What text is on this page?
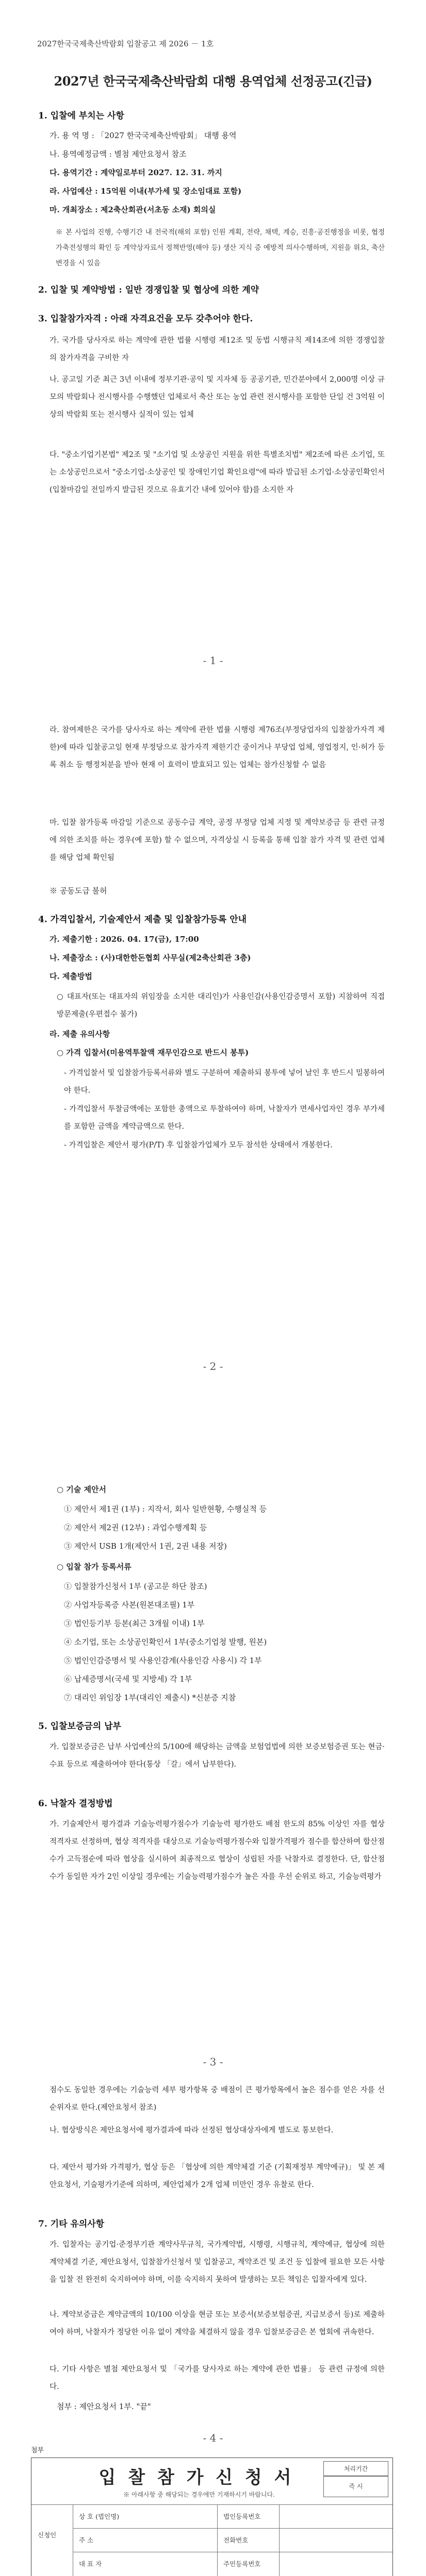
2027한국국제축산박람회 입찰공고 제 2026 － 1호
2027년 한국국제축산박람회 대행 용역업체 선정공고(긴급)
1. 입찰에 부치는 사항
가. 용 역 명 : 「2027 한국국제축산박람회」 대행 용역
나. 용역예정금액 : 별첨 제안요청서 참조
다. 용역기간 : 계약일로부터 2027. 12. 31. 까지
라. 사업예산 : 15억원 이내(부가세 및 장소임대료 포함)
마. 개최장소 : 제2축산회관(서초동 소재) 회의실
※ 본 사업의 진행, 수행기간 내 전국적(해외 포함) 인원 계획, 전략, 채택, 계승, 진흥·공진행정을 비롯, 협정가축전성행의 확인 등 계약상자료서 정책반영(해야 등) 생산 지식 증 예방적 의사수행하며, 지원을 위요, 축산 변경을 시 있음
2. 입찰 및 계약방법 : 일반 경쟁입찰 및 협상에 의한 계약
3. 입찰참가자격 : 아래 자격요건을 모두 갖추어야 한다.

가. 국가를 당사자로 하는 계약에 관한 법률 시행령 제12조 및 동법 시행규칙 제14조에 의한 경쟁입찰의 참가자격을 구비한 자

나. 공고일 기준 최근 3년 이내에 정부기관·공익 및 지자체 등 공공기관, 민간분야에서 2,000명 이상 규모의 박람회나 전시행사를 수행했던 업체로서 축산 또는 농업 관련 전시행사를 포함한 단일 건 3억원 이상의 박람회 또는 전시행사 실적이 있는 업체

다. "중소기업기본법" 제2조 및 "소기업 및 소상공인 지원을 위한 특별조치법" 제2조에 따른 소기업, 또는 소상공인으로서 "중소기업·소상공인 및 장애인기업 확인요령"에 따라 발급된 소기업·소상공인확인서(입찰마감일 전일까지 발급된 것으로 유효기간 내에 있어야 함)를 소지한 자

- 1 -

라. 참여제한은 국가를 당사자로 하는 계약에 관한 법률 시행령 제76조(부정당업자의 입찰참가자격 제한)에 따라 입찰공고일 현재 부정당으로 참가자격 제한기간 중이거나 부당업 업체, 영업정지, 인·허가 등록 취소 등 행정처분을 받아 현재 이 효력이 발효되고 있는 업체는 참가신청할 수 없음

마. 입찰 참가등록 마감일 기준으로 공동수급 계약, 공정 부정당 업체 지정 및 계약보증금 등 관련 규정에 의한 조치를 하는 경우(예 포함) 할 수 없으며, 자격상실 시 등록을 통해 입찰 참가 자격 및 관련 업체를 해당 업체 확인됨

※ 공동도급 불허
4. 가격입찰서, 기술제안서 제출 및 입찰참가등록 안내
가. 제출기한 : 2026. 04. 17(금), 17:00
나. 제출장소 : (사)대한한돈협회 사무실(제2축산회관 3층)
다. 제출방법

○ 대표자(또는 대표자의 위임장을 소지한 대리인)가 사용인감(사용인감증명서 포함) 지참하여 직접 방문제출(우편접수 불가)

라. 제출 유의사항
○ 가격 입찰서(미용역투찰액 재무인감으로 반드시 봉투)

- 가격입찰서 및 입찰참가등록서류와 별도 구분하여 제출하되 봉투에 넣어 날인 후 반드시 밀봉하여야 한다.

- 가격입찰서 투찰금액에는 포함한 총액으로 투찰하여야 하며, 낙찰자가 면세사업자인 경우 부가세를 포함한 금액을 계약금액으로 한다.

- 가격입찰은 제안서 평가(P/T) 후 입찰참가업체가 모두 참석한 상태에서 개봉한다.

- 2 -
○ 기술 제안서
① 제안서 제1권 (1부) : 지작서, 회사 일반현황, 수행실적 등
② 제안서 제2권 (12부) : 과업수행계획 등
③ 제안서 USB 1개(제안서 1권, 2권 내용 저장)
○ 입찰 참가 등록서류
① 입찰참가신청서 1부 (공고문 하단 참조)
② 사업자등록증 사본(원본대조필) 1부
③ 법인등기부 등본(최근 3개월 이내) 1부
④ 소기업, 또는 소상공인확인서 1부(중소기업청 발행, 원본)
⑤ 법인인감증명서 및 사용인감계(사용인감 사용시) 각 1부
⑥ 납세증명서(국세 및 지방세) 각 1부
⑦ 대리인 위임장 1부(대리인 제출시) *신분증 지참
5. 입찰보증금의 납부

가. 입찰보증금은 납부 사업예산의 5/100에 해당하는 금액을 보험업법에 의한 보증보험증권 또는 현금·수표 등으로 제출하여야 한다(통상 「갈」에서 납부한다).

6. 낙찰자 결정방법

가. 기술제안서 평가결과 기술능력평가점수가 기술능력 평가한도 배점 한도의 85% 이상인 자를 협상 적격자로 선정하며, 협상 적격자를 대상으로 기술능력평가점수와 입찰가격평가 점수를 합산하여 합산점수가 고득점순에 따라 협상을 실시하여 최종적으로 협상이 성립된 자를 낙찰자로 결정한다. 단, 합산점수가 동일한 자가 2인 이상일 경우에는 기술능력평가점수가 높은 자를 우선 순위로 하고, 기술능력평가

- 3 -

점수도 동일한 경우에는 기술능력 세부 평가항목 중 배점이 큰 평가항목에서 높은 점수를 얻은 자를 선순위자로 한다.(제안요청서 참조)

나. 협상방식은 제안요청서에 평가결과에 따라 선정된 협상대상자에게 별도로 통보한다.

다. 제안서 평가와 가격평가, 협상 등은 「협상에 의한 계약체결 기준 (기획재정부 계약예규)」 및 본 제안요청서, 기술평가기준에 의하며, 제안업체가 2개 업체 미만인 경우 유찰로 한다.

7. 기타 유의사항

가. 입찰자는 공기업·준정부기관 계약사무규칙, 국가계약법, 시행령, 시행규칙, 계약예규, 협상에 의한 계약체결 기준, 제안요청서, 입찰참가신청서 및 입찰공고, 계약조건 및 조건 등 입찰에 필요한 모든 사항을 입찰 전 완전히 숙지하여야 하며, 이를 숙지하지 못하여 발생하는 모든 책임은 입찰자에게 있다.

나. 계약보증금은 계약금액의 10/100 이상을 현금 또는 보증서(보증보험증권, 지급보증서 등)로 제출하여야 하며, 낙찰자가 정당한 이유 없이 계약을 체결하지 않을 경우 입찰보증금은 본 협회에 귀속한다.

다. 기타 사항은 별첨 제안요청서 및 「국가를 당사자로 하는 계약에 관한 법률」 등 관련 규정에 의한다.

첨부 : 제안요청서 1부. "끝"
- 4 -
첨부
입 찰 참 가 신 청 서
※ 아래사항 중 해당되는 경우에만 기재하시기 바랍니다.
처리기간
즉 시
신청인
상 호 (법인명)	법인등록번호
주 소	전화번호
대 표 자	주민등록번호
